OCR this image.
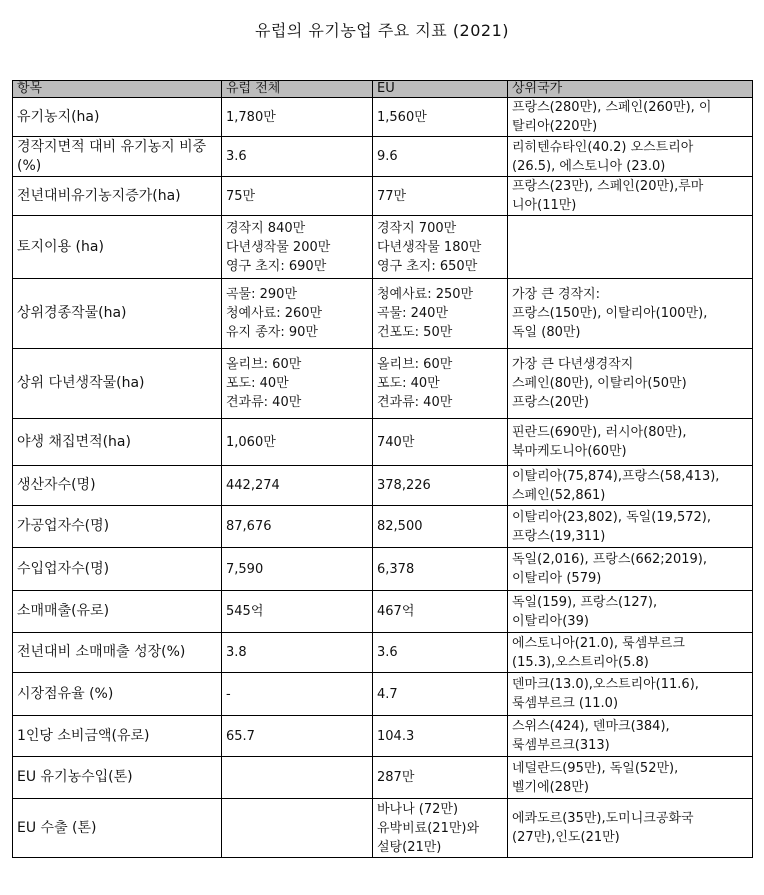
유럽의 유기농업 주요 지표 (2021)
항목	유럽 전체	EU	상위국가

유기농지(ha)	1,780만	1,560만	프랑스(280만), 스페인(260만), 이
탈리아(220만)

경작지면적 대비 유기농지 비중(%)	3.6	9.6	리히텐슈타인(40.2) 오스트리아
(26.5), 에스토니아 (23.0)

전년대비유기농지증가(ha)	75만	77만	프랑스(23만), 스페인(20만),루마
니아(11만)

토지이용 (ha)	경작지 840만
다년생작물 200만
영구 초지: 690만	경작지 700만
다년생작물 180만
영구 초지: 650만	

상위경종작물(ha)	곡물: 290만
청예사료: 260만
유지 종자: 90만	청예사료: 250만
곡물: 240만
건포도: 50만	가장 큰 경작지:
프랑스(150만), 이탈리아(100만),
독일 (80만)

상위 다년생작물(ha)	올리브: 60만
포도: 40만
견과류: 40만	올리브: 60만
포도: 40만
견과류: 40만	가장 큰 다년생경작지
스페인(80만), 이탈리아(50만)
프랑스(20만)

야생 채집면적(ha)	1,060만	740만	핀란드(690만), 러시아(80만),
북마케도니아(60만)

생산자수(명)	442,274	378,226	이탈리아(75,874),프랑스(58,413),
스페인(52,861)

가공업자수(명)	87,676	82,500	이탈리아(23,802), 독일(19,572),
프랑스(19,311)

수입업자수(명)	7,590	6,378	독일(2,016), 프랑스(662;2019),
이탈리아 (579)

소매매출(유로)	545억	467억	독일(159), 프랑스(127),
이탈리아(39)

전년대비 소매매출 성장(%)	3.8	3.6	에스토니아(21.0), 룩셈부르크
(15.3),오스트리아(5.8)

시장점유율 (%)	-	4.7	덴마크(13.0),오스트리아(11.6),
룩셈부르크 (11.0)

1인당 소비금액(유로)	65.7	104.3	스위스(424), 덴마크(384),
룩셈부르크(313)

EU 유기농수입(톤)		287만	네덜란드(95만), 독일(52만),
벨기에(28만)

EU 수출 (톤)		바나나 (72만)
유박비료(21만)와
설탕(21만)	에콰도르(35만),도미니크공화국
(27만),인도(21만)
